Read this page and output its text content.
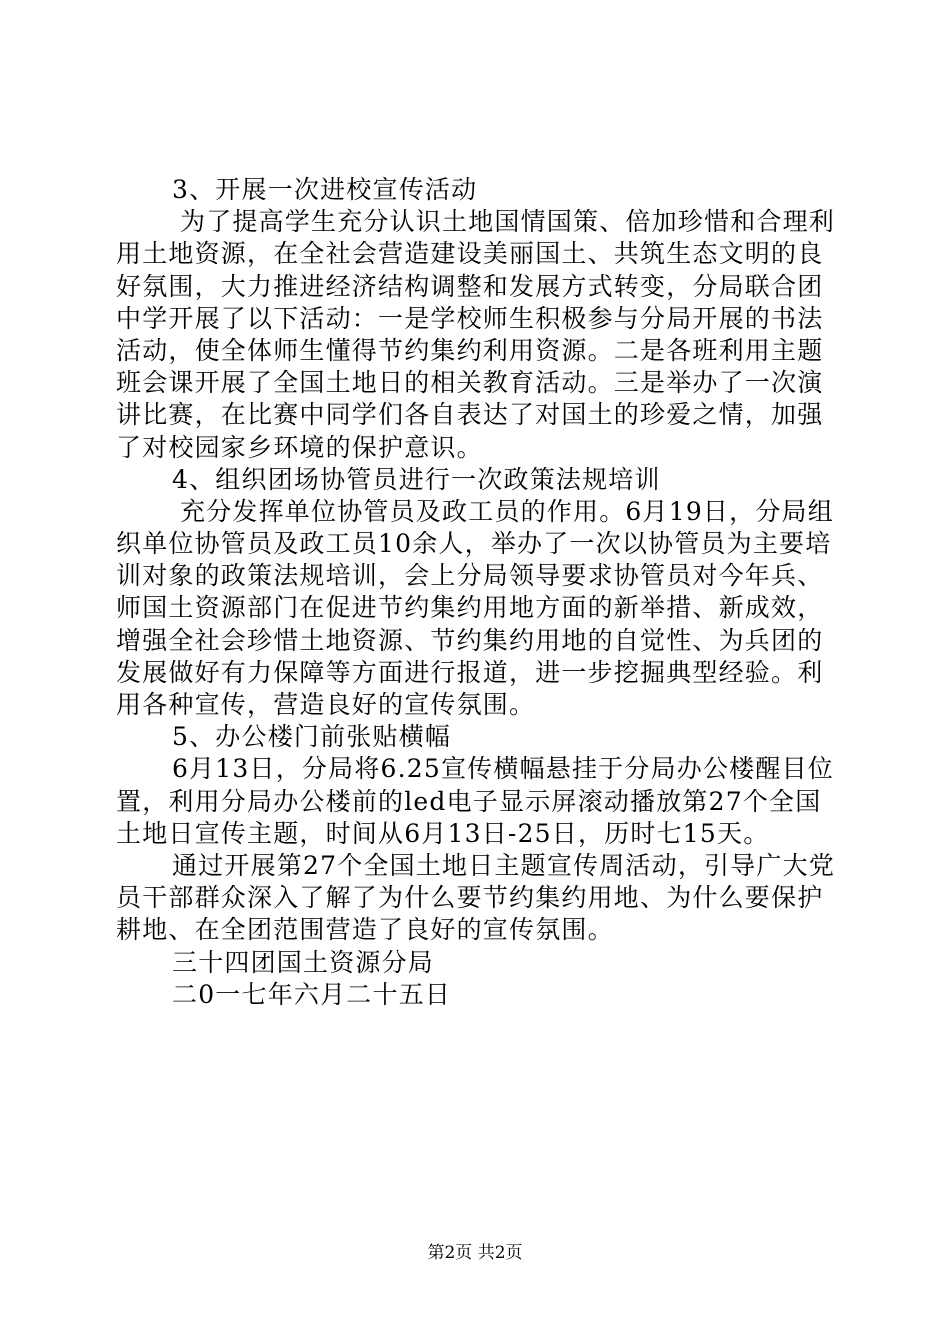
3、开展一次进校宣传活动
为了提高学生充分认识土地国情国策、倍加珍惜和合理利
用土地资源，在全社会营造建设美丽国土、共筑生态文明的良
好氛围，大力推进经济结构调整和发展方式转变，分局联合团
中学开展了以下活动：一是学校师生积极参与分局开展的书法
活动，使全体师生懂得节约集约利用资源。二是各班利用主题
班会课开展了全国土地日的相关教育活动。三是举办了一次演
讲比赛，在比赛中同学们各自表达了对国土的珍爱之情，加强
了对校园家乡环境的保护意识。
4、组织团场协管员进行一次政策法规培训
充分发挥单位协管员及政工员的作用。6月19日，分局组
织单位协管员及政工员10余人，举办了一次以协管员为主要培
训对象的政策法规培训，会上分局领导要求协管员对今年兵、
师国土资源部门在促进节约集约用地方面的新举措、新成效，
增强全社会珍惜土地资源、节约集约用地的自觉性、为兵团的
发展做好有力保障等方面进行报道，进一步挖掘典型经验。利
用各种宣传，营造良好的宣传氛围。
5、办公楼门前张贴横幅
6月13日，分局将6.25宣传横幅悬挂于分局办公楼醒目位
置，利用分局办公楼前的led电子显示屏滚动播放第27个全国
土地日宣传主题，时间从6月13日-25日，历时七15天。
通过开展第27个全国土地日主题宣传周活动，引导广大党
员干部群众深入了解了为什么要节约集约用地、为什么要保护
耕地、在全团范围营造了良好的宣传氛围。
三十四团国土资源分局
二0一七年六月二十五日
第2页 共2页
